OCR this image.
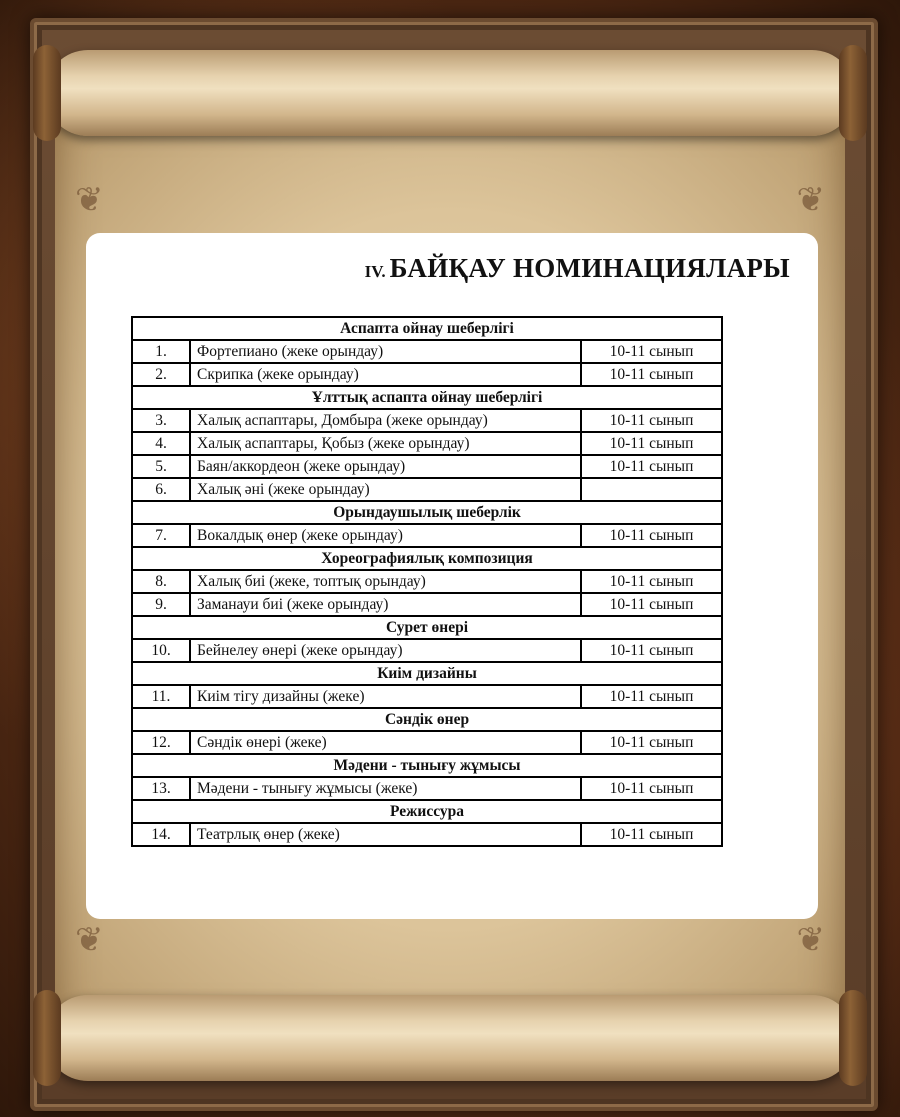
❦	❦
❦	❦
IV. БАЙҚАУ НОМИНАЦИЯЛАРЫ
Аспапта ойнау шеберлігі		
1.	Фортепиано (жеке орындау)	10-11 сынып
2.	Скрипка (жеке орындау)	10-11 сынып
Ұлттық аспапта ойнау шеберлігі		
3.	Халық аспаптары, Домбыра (жеке орындау)	10-11 сынып
4.	Халық аспаптары, Қобыз (жеке орындау)	10-11 сынып
5.	Баян/аккордеон (жеке орындау)	10-11 сынып
6.	Халық әні (жеке орындау)	
Орындаушылық шеберлік		
7.	Вокалдық өнер (жеке орындау)	10-11 сынып
Хореографиялық композиция		
8.	Халық биі (жеке, топтық орындау)	10-11 сынып
9.	Заманауи биі (жеке орындау)	10-11 сынып
Сурет өнері		
10.	Бейнелеу өнері (жеке орындау)	10-11 сынып
Киім дизайны		
11.	Киім тігу дизайны (жеке)	10-11 сынып
Сәндік өнер		
12.	Сәндік өнері (жеке)	10-11 сынып
Мәдени - тынығу жұмысы		
13.	Мәдени - тынығу жұмысы (жеке)	10-11 сынып
Режиссура		
14.	Театрлық өнер (жеке)	10-11 сынып
